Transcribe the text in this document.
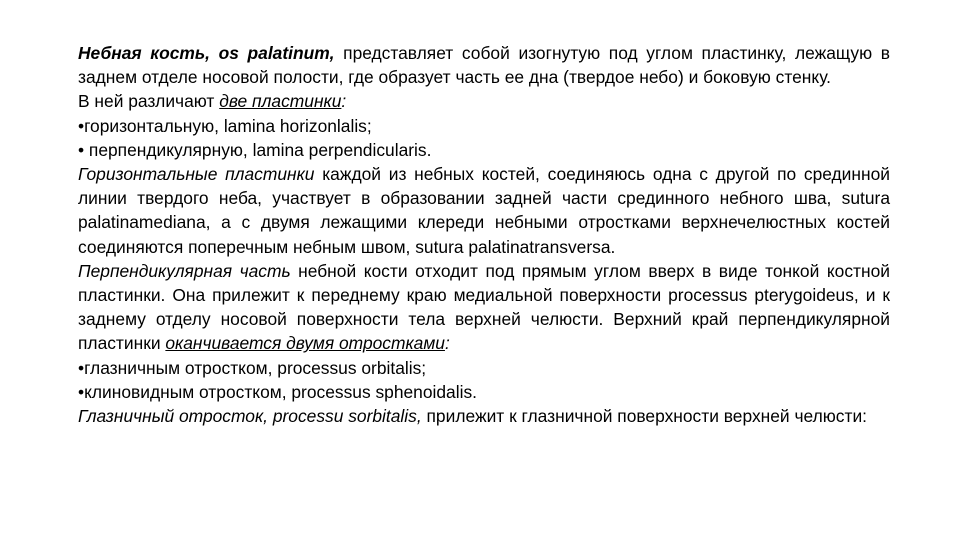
Небная кость, os palatinum, представляет собой изогнутую под углом пластинку, лежащую в заднем отделе носовой полости, где образует часть ее дна (твердое небо) и боковую стенку.

В ней различают две пластинки:

•горизонтальную, lamina horizonlalis;

• перпендикулярную, lamina perpendicularis.

Горизонтальные пластинки каждой из небных костей, соединяюсь одна с другой по срединной линии твердого неба, участвует в образовании задней части срединного небного шва, sutura palatinamediana, а с двумя лежащими клереди небными отростками верхнечелюстных костей соединяются поперечным небным швом, sutura palatinatransversa.

Перпендикулярная часть небной кости отходит под прямым углом вверх в виде тонкой костной пластинки. Она прилежит к переднему краю медиальной поверхности processus pterygoideus, и к заднему отделу носовой поверхности тела верхней челюсти. Верхний край перпендикулярной пластинки оканчивается двумя отростками:

•глазничным отростком, processus orbitalis;

•клиновидным отростком, processus sphenoidalis.

Глазничный отросток, processu sorbitalis, прилежит к глазничной поверхности верхней челюсти:
